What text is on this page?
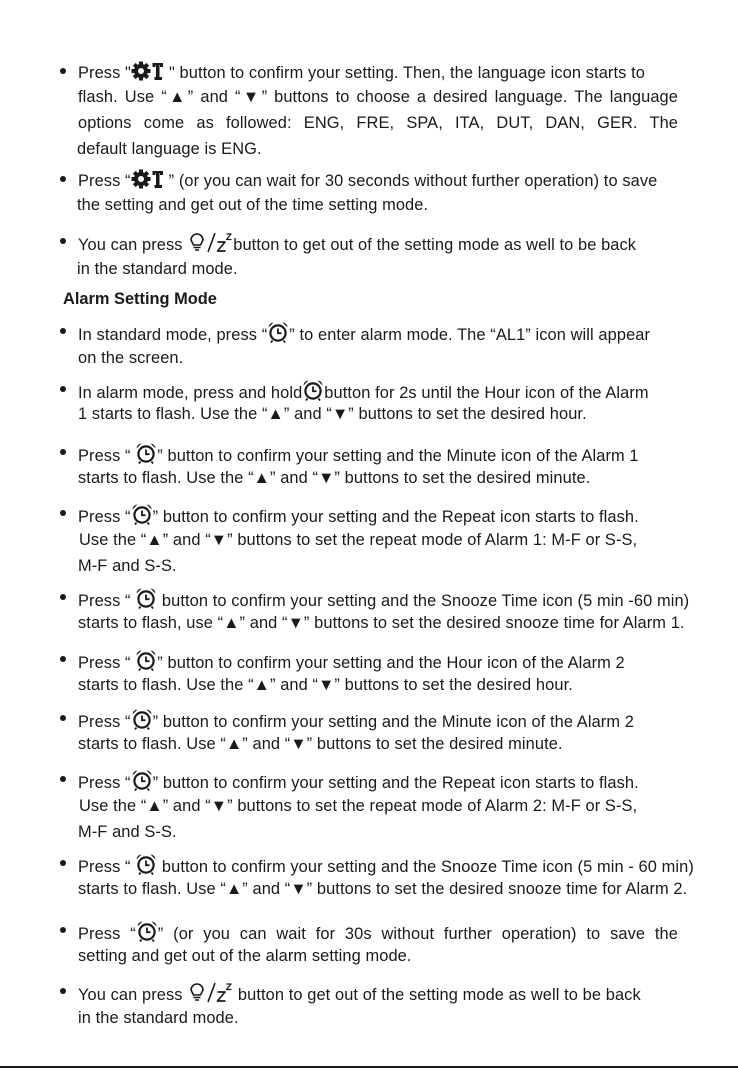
Alarm Setting Mode
Press " " button to confirm your setting. Then, the language icon starts to
flash. Use “▲” and “▼” buttons to choose a desired language. The language
options come as followed: ENG, FRE, SPA, ITA, DUT, DAN, GER. The
default language is ENG.
Press “ ” (or you can wait for 30 seconds without further operation) to save
the setting and get out of the time setting mode.
You can press	button to get out of the setting mode as well to be back
in the standard mode.
In standard mode, press “ ” to enter alarm mode. The “AL1” icon will appear
on the screen.
In alarm mode, press and hold button for 2s until the Hour icon of the Alarm
1 starts to flash. Use the “▲” and “▼” buttons to set the desired hour.
Press “ ” button to confirm your setting and the Minute icon of the Alarm 1
starts to flash. Use the “▲” and “▼” buttons to set the desired minute.
Press “ ” button to confirm your setting and the Repeat icon starts to flash.
Use the “▲” and “▼” buttons to set the repeat mode of Alarm 1: M-F or S-S,
M-F and S-S.
Press “  button to confirm your setting and the Snooze Time icon (5 min -60 min)
starts to flash, use “▲” and “▼” buttons to set the desired snooze time for Alarm 1.
Press “ ” button to confirm your setting and the Hour icon of the Alarm 2
starts to flash. Use the “▲” and “▼” buttons to set the desired hour.
Press “ ” button to confirm your setting and the Minute icon of the Alarm 2
starts to flash. Use “▲” and “▼” buttons to set the desired minute.
Press “ ” button to confirm your setting and the Repeat icon starts to flash.
Use the “▲” and “▼” buttons to set the repeat mode of Alarm 2: M-F or S-S,
M-F and S-S.
Press “  button to confirm your setting and the Snooze Time icon (5 min - 60 min)
starts to flash. Use “▲” and “▼” buttons to set the desired snooze time for Alarm 2.
Press “ ” (or you can wait for 30s without further operation) to save the
setting and get out of the alarm setting mode.
You can press	button to get out of the setting mode as well to be back
in the standard mode.
